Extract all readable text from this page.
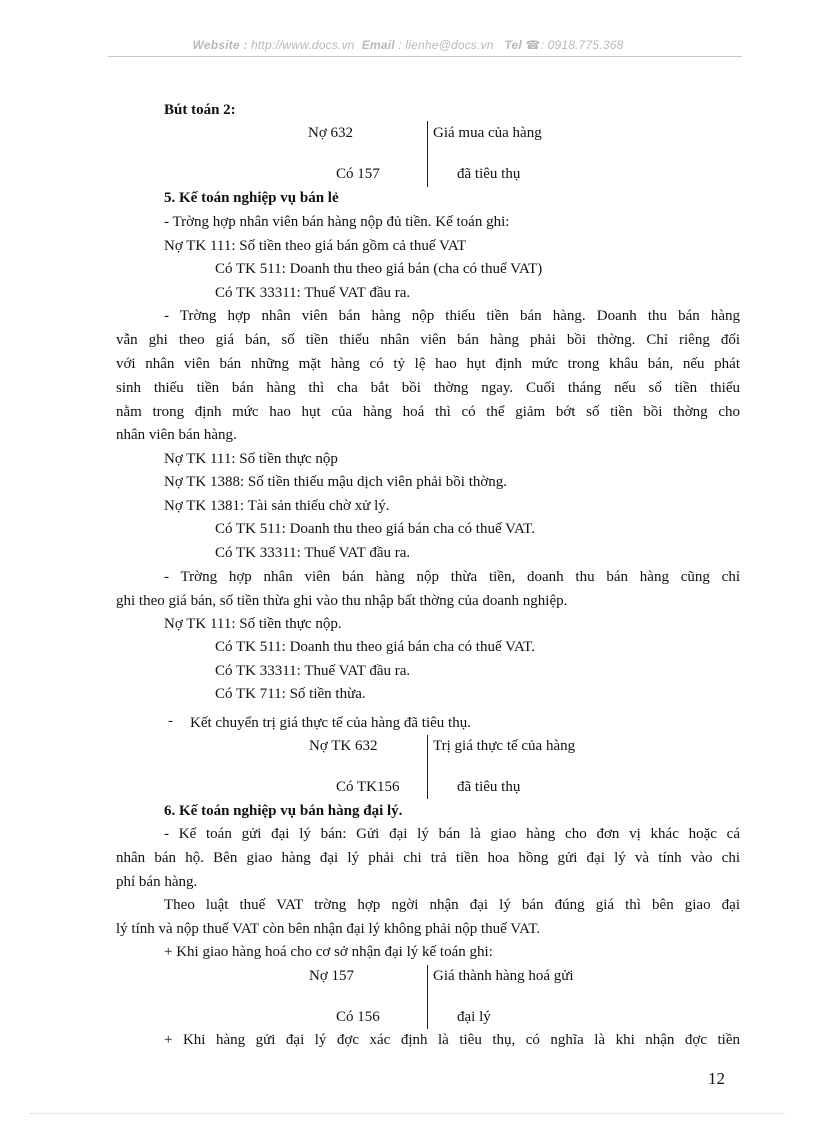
Website : http://www.docs.vn Email : lienhe@docs.vn Tel ☎: 0918.775.368
Bút toán 2:
Nợ 632	Giá mua của hàng
Có 157	đã tiêu thụ
5. Kế toán nghiệp vụ bán lẻ
- Trờng hợp nhân viên bán hàng nộp đủ tiền. Kế toán ghi:
Nợ TK 111: Số tiền theo giá bán gồm cả thuế VAT
Có TK 511: Doanh thu theo giá bán (cha có thuế VAT)
Có TK 33311: Thuế VAT đầu ra.
- Trờng hợp nhân viên bán hàng nộp thiếu tiền bán hàng. Doanh thu bán hàng
vẫn ghi theo giá bán, số tiền thiếu nhân viên bán hàng phải bồi thờng. Chỉ riêng đối
với nhân viên bán những mặt hàng có tỷ lệ hao hụt định mức trong khâu bán, nếu phát
sinh thiếu tiền bán hàng thì cha bắt bồi thờng ngay. Cuối tháng nếu số tiền thiếu
nằm trong định mức hao hụt của hàng hoá thì có thể giảm bớt số tiền bồi thờng cho
nhân viên bán hàng.
Nợ TK 111: Số tiền thực nộp
Nợ TK 1388: Số tiền thiếu mậu dịch viên phải bồi thờng.
Nợ TK 1381: Tài sản thiếu chờ xử lý.
Có TK 511: Doanh thu theo giá bán cha có thuế VAT.
Có TK 33311: Thuế VAT đầu ra.
- Trờng hợp nhân viên bán hàng nộp thừa tiền, doanh thu bán hàng cũng chỉ
ghi theo giá bán, số tiền thừa ghi vào thu nhập bất thờng của doanh nghiệp.
Nợ TK 111: Số tiền thực nộp.
Có TK 511: Doanh thu theo giá bán cha có thuế VAT.
Có TK 33311: Thuế VAT đầu ra.
Có TK 711: Số tiền thừa.
- Kết chuyển trị giá thực tế của hàng đã tiêu thụ.
Nợ TK 632	Trị giá thực tế của hàng
Có TK156	đã tiêu thụ
6. Kế toán nghiệp vụ bán hàng đại lý.
- Kế toán gửi đại lý bán: Gửi đại lý bán là giao hàng cho đơn vị khác hoặc cá
nhân bán hộ. Bên giao hàng đại lý phải chi trả tiền hoa hồng gửi đại lý và tính vào chi
phí bán hàng.
Theo luật thuế VAT trờng hợp ngời nhận đại lý bán đúng giá thì bên giao đại
lý tính và nộp thuế VAT còn bên nhận đại lý không phải nộp thuế VAT.
+ Khi giao hàng hoá cho cơ sở nhận đại lý kế toán ghi:
Nợ 157	Giá thành hàng hoá gửi
Có 156	đại lý
+ Khi hàng gửi đại lý đợc xác định là tiêu thụ, có nghĩa là khi nhận đợc tiền
12
